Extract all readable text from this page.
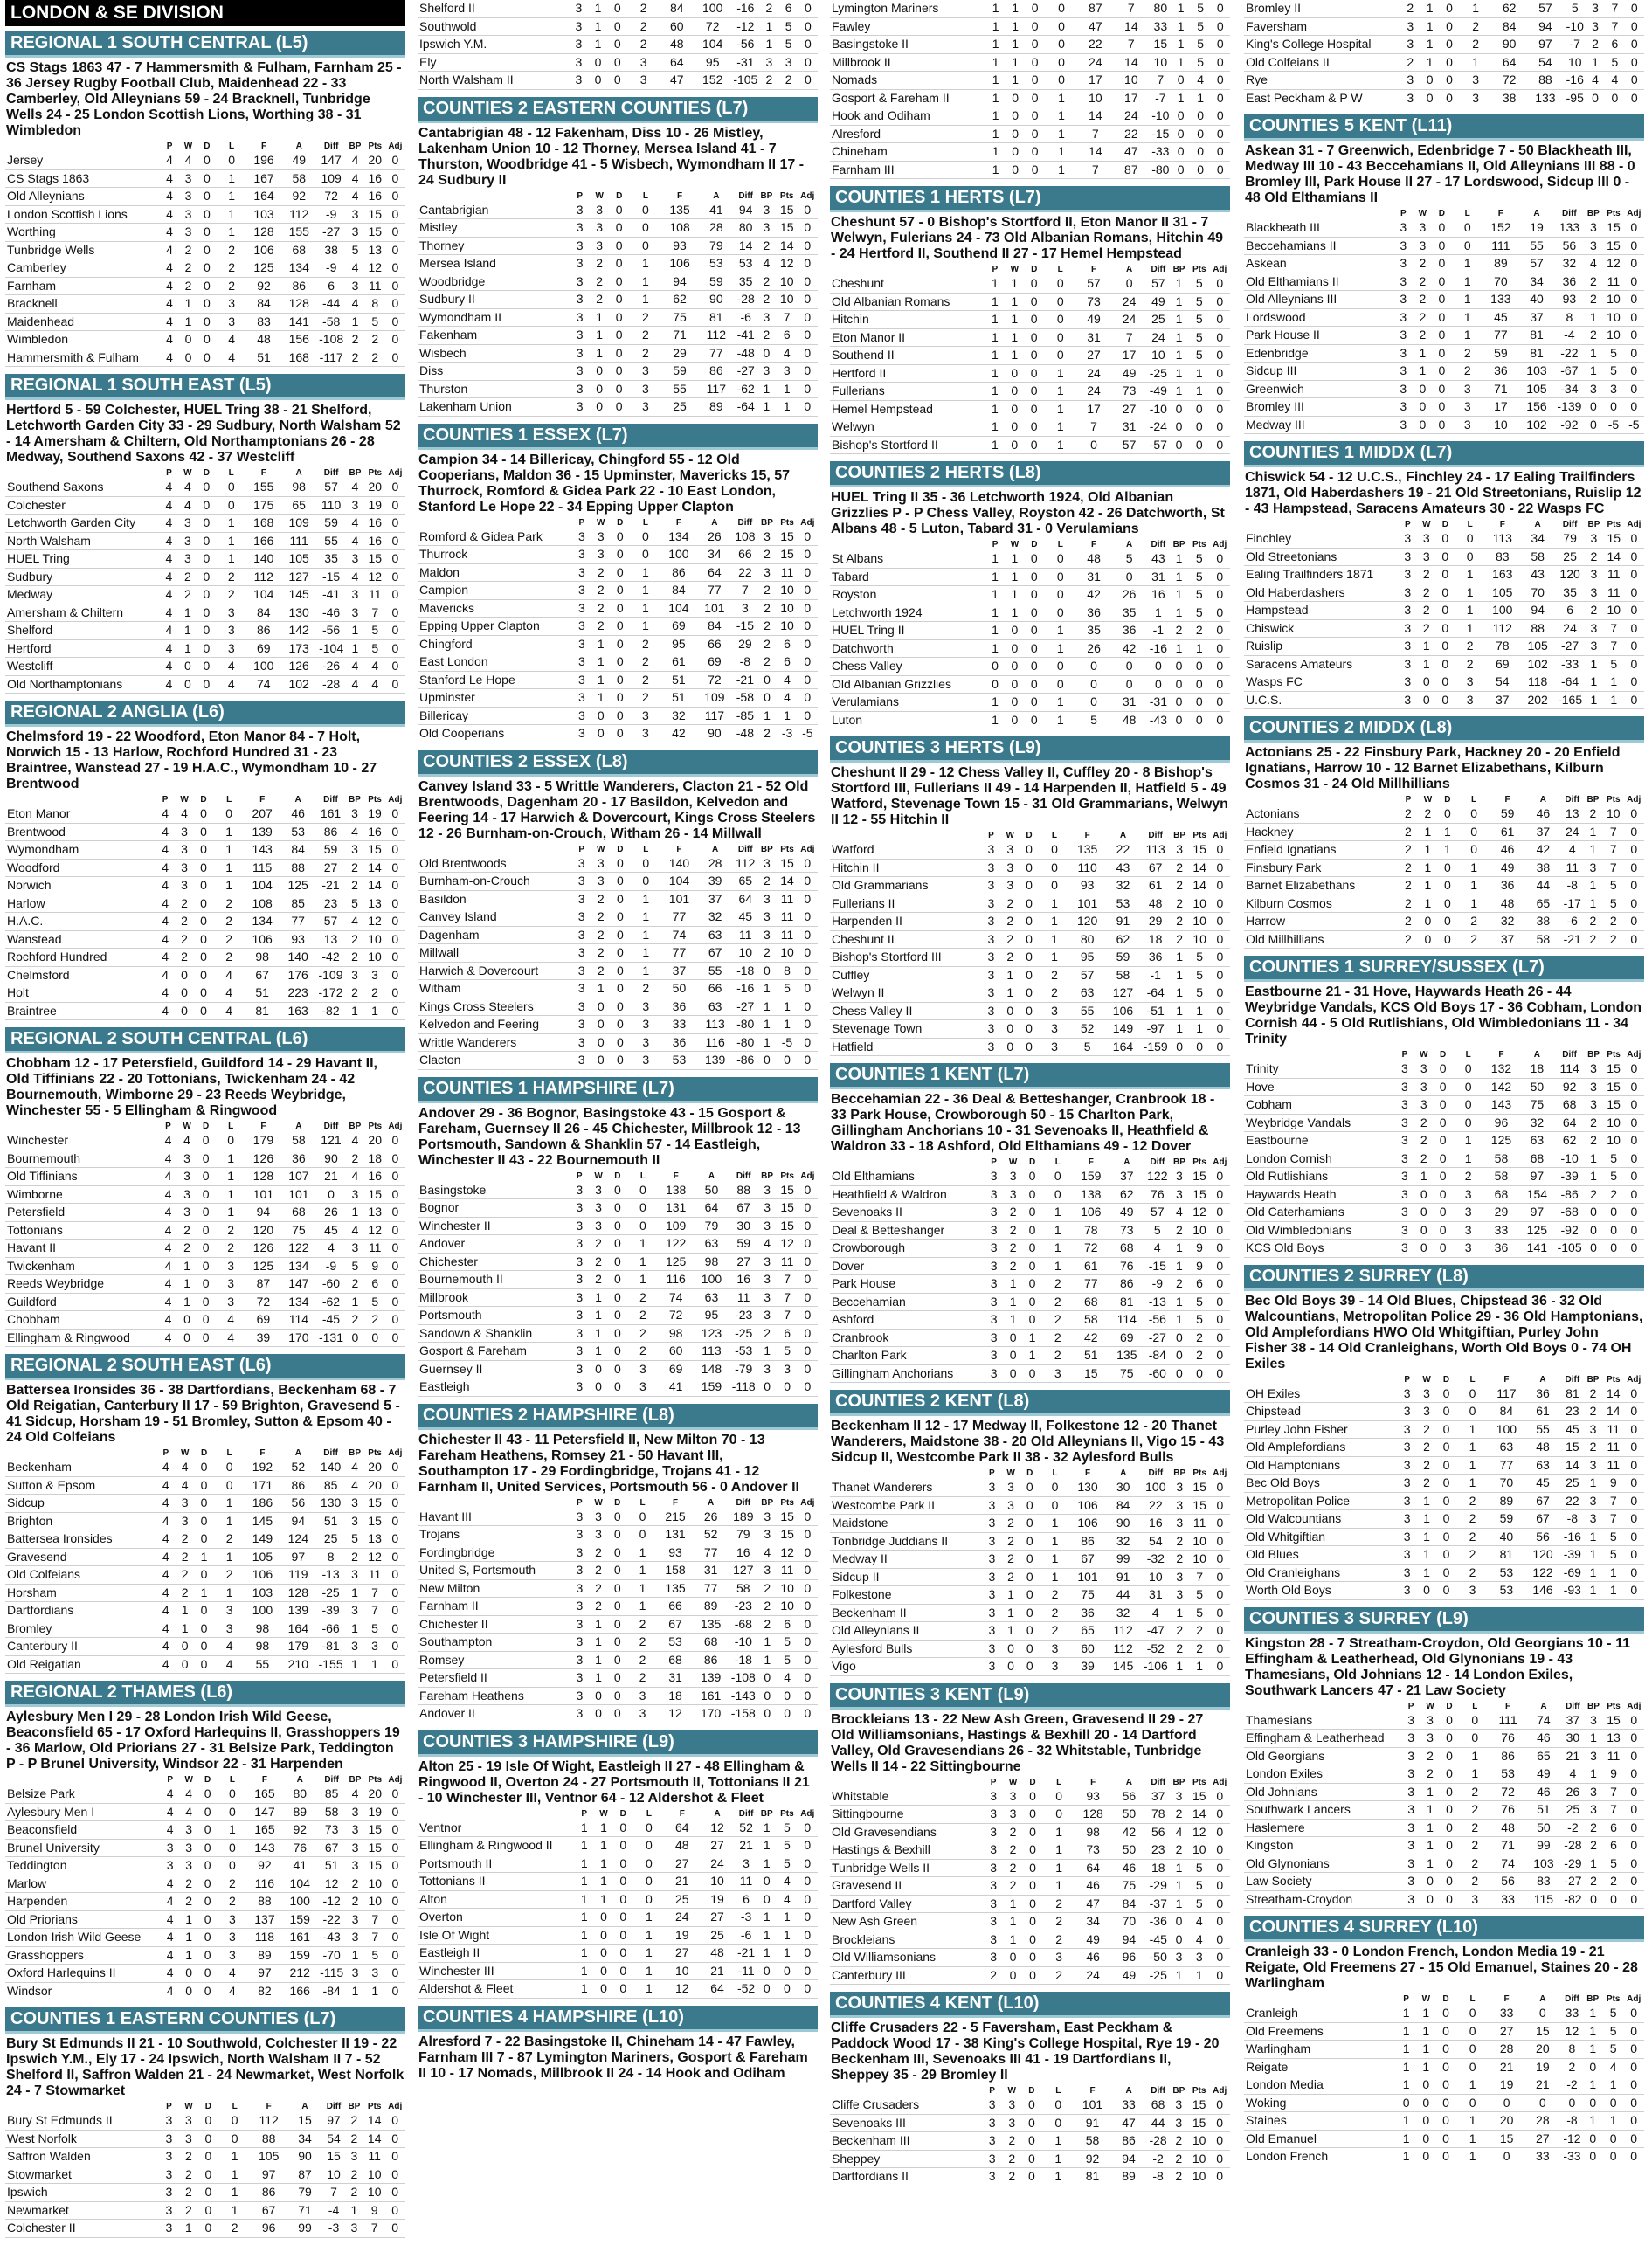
LONDON & SE DIVISION
REGIONAL 1 SOUTH CENTRAL (L5)
CS Stags 1863 47 - 7 Hammersmith & Fulham, Farnham 25 - 36 Jersey Rugby Football Club, Maidenhead 22 - 33 Camberley, Old Alleynians 59 - 24 Bracknell, Tunbridge Wells 24 - 25 London Scottish Lions, Worthing 38 - 31 Wimbledon
	P	W	D	L	F	A	Diff	BP	Pts	Adj
Jersey	4	4	0	0	196	49	147	4	20	0
CS Stags 1863	4	3	0	1	167	58	109	4	16	0
Old Alleynians	4	3	0	1	164	92	72	4	16	0
London Scottish Lions	4	3	0	1	103	112	-9	3	15	0
Worthing	4	3	0	1	128	155	-27	3	15	0
Tunbridge Wells	4	2	0	2	106	68	38	5	13	0
Camberley	4	2	0	2	125	134	-9	4	12	0
Farnham	4	2	0	2	92	86	6	3	11	0
Bracknell	4	1	0	3	84	128	-44	4	8	0
Maidenhead	4	1	0	3	83	141	-58	1	5	0
Wimbledon	4	0	0	4	48	156	-108	2	2	0
Hammersmith & Fulham	4	0	0	4	51	168	-117	2	2	0
REGIONAL 1 SOUTH EAST (L5)
Hertford 5 - 59 Colchester, HUEL Tring 38 - 21 Shelford, Letchworth Garden City 33 - 29 Sudbury, North Walsham 52 - 14 Amersham & Chiltern, Old Northamptonians 26 - 28 Medway, Southend Saxons 42 - 37 Westcliff
	P	W	D	L	F	A	Diff	BP	Pts	Adj
Southend Saxons	4	4	0	0	155	98	57	4	20	0
Colchester	4	4	0	0	175	65	110	3	19	0
Letchworth Garden City	4	3	0	1	168	109	59	4	16	0
North Walsham	4	3	0	1	166	111	55	4	16	0
HUEL Tring	4	3	0	1	140	105	35	3	15	0
Sudbury	4	2	0	2	112	127	-15	4	12	0
Medway	4	2	0	2	104	145	-41	3	11	0
Amersham & Chiltern	4	1	0	3	84	130	-46	3	7	0
Shelford	4	1	0	3	86	142	-56	1	5	0
Hertford	4	1	0	3	69	173	-104	1	5	0
Westcliff	4	0	0	4	100	126	-26	4	4	0
Old Northamptonians	4	0	0	4	74	102	-28	4	4	0
REGIONAL 2 ANGLIA (L6)
Chelmsford 19 - 22 Woodford, Eton Manor 84 - 7 Holt, Norwich 15 - 13 Harlow, Rochford Hundred 31 - 23 Braintree, Wanstead 27 - 19 H.A.C., Wymondham 10 - 27 Brentwood
	P	W	D	L	F	A	Diff	BP	Pts	Adj
Eton Manor	4	4	0	0	207	46	161	3	19	0
Brentwood	4	3	0	1	139	53	86	4	16	0
Wymondham	4	3	0	1	143	84	59	3	15	0
Woodford	4	3	0	1	115	88	27	2	14	0
Norwich	4	3	0	1	104	125	-21	2	14	0
Harlow	4	2	0	2	108	85	23	5	13	0
H.A.C.	4	2	0	2	134	77	57	4	12	0
Wanstead	4	2	0	2	106	93	13	2	10	0
Rochford Hundred	4	2	0	2	98	140	-42	2	10	0
Chelmsford	4	0	0	4	67	176	-109	3	3	0
Holt	4	0	0	4	51	223	-172	2	2	0
Braintree	4	0	0	4	81	163	-82	1	1	0
REGIONAL 2 SOUTH CENTRAL (L6)
Chobham 12 - 17 Petersfield, Guildford 14 - 29 Havant II, Old Tiffinians 22 - 20 Tottonians, Twickenham 24 - 42 Bournemouth, Wimborne 29 - 23 Reeds Weybridge, Winchester 55 - 5 Ellingham & Ringwood
	P	W	D	L	F	A	Diff	BP	Pts	Adj
Winchester	4	4	0	0	179	58	121	4	20	0
Bournemouth	4	3	0	1	126	36	90	2	18	0
Old Tiffinians	4	3	0	1	128	107	21	4	16	0
Wimborne	4	3	0	1	101	101	0	3	15	0
Petersfield	4	3	0	1	94	68	26	1	13	0
Tottonians	4	2	0	2	120	75	45	4	12	0
Havant II	4	2	0	2	126	122	4	3	11	0
Twickenham	4	1	0	3	125	134	-9	5	9	0
Reeds Weybridge	4	1	0	3	87	147	-60	2	6	0
Guildford	4	1	0	3	72	134	-62	1	5	0
Chobham	4	0	0	4	69	114	-45	2	2	0
Ellingham & Ringwood	4	0	0	4	39	170	-131	0	0	0
REGIONAL 2 SOUTH EAST (L6)
Battersea Ironsides 36 - 38 Dartfordians, Beckenham 68 - 7 Old Reigatian, Canterbury II 17 - 59 Brighton, Gravesend 5 - 41 Sidcup, Horsham 19 - 51 Bromley, Sutton & Epsom 40 - 24 Old Colfeians
	P	W	D	L	F	A	Diff	BP	Pts	Adj
Beckenham	4	4	0	0	192	52	140	4	20	0
Sutton & Epsom	4	4	0	0	171	86	85	4	20	0
Sidcup	4	3	0	1	186	56	130	3	15	0
Brighton	4	3	0	1	145	94	51	3	15	0
Battersea Ironsides	4	2	0	2	149	124	25	5	13	0
Gravesend	4	2	1	1	105	97	8	2	12	0
Old Colfeians	4	2	0	2	106	119	-13	3	11	0
Horsham	4	2	1	1	103	128	-25	1	7	0
Dartfordians	4	1	0	3	100	139	-39	3	7	0
Bromley	4	1	0	3	98	164	-66	1	5	0
Canterbury II	4	0	0	4	98	179	-81	3	3	0
Old Reigatian	4	0	0	4	55	210	-155	1	1	0
REGIONAL 2 THAMES (L6)
Aylesbury Men I 29 - 28 London Irish Wild Geese, Beaconsfield 65 - 17 Oxford Harlequins II, Grasshoppers 19 - 36 Marlow, Old Priorians 27 - 31 Belsize Park, Teddington P - P Brunel University, Windsor 22 - 31 Harpenden
	P	W	D	L	F	A	Diff	BP	Pts	Adj
Belsize Park	4	4	0	0	165	80	85	4	20	0
Aylesbury Men I	4	4	0	0	147	89	58	3	19	0
Beaconsfield	4	3	0	1	165	92	73	3	15	0
Brunel University	3	3	0	0	143	76	67	3	15	0
Teddington	3	3	0	0	92	41	51	3	15	0
Marlow	4	2	0	2	116	104	12	2	10	0
Harpenden	4	2	0	2	88	100	-12	2	10	0
Old Priorians	4	1	0	3	137	159	-22	3	7	0
London Irish Wild Geese	4	1	0	3	118	161	-43	3	7	0
Grasshoppers	4	1	0	3	89	159	-70	1	5	0
Oxford Harlequins II	4	0	0	4	97	212	-115	3	3	0
Windsor	4	0	0	4	82	166	-84	1	1	0
COUNTIES 1 EASTERN COUNTIES (L7)
Bury St Edmunds II 21 - 10 Southwold, Colchester II 19 - 22 Ipswich Y.M., Ely 17 - 24 Ipswich, North Walsham II 7 - 52 Shelford II, Saffron Walden 21 - 24 Newmarket, West Norfolk 24 - 7 Stowmarket
	P	W	D	L	F	A	Diff	BP	Pts	Adj
Bury St Edmunds II	3	3	0	0	112	15	97	2	14	0
West Norfolk	3	3	0	0	88	34	54	2	14	0
Saffron Walden	3	2	0	1	105	90	15	3	11	0
Stowmarket	3	2	0	1	97	87	10	2	10	0
Ipswich	3	2	0	1	86	79	7	2	10	0
Newmarket	3	2	0	1	67	71	-4	1	9	0
Colchester II	3	1	0	2	96	99	-3	3	7	0
Shelford II	3	1	0	2	84	100	-16	2	6	0
Southwold	3	1	0	2	60	72	-12	1	5	0
Ipswich Y.M.	3	1	0	2	48	104	-56	1	5	0
Ely	3	0	0	3	64	95	-31	3	3	0
North Walsham II	3	0	0	3	47	152	-105	2	2	0
COUNTIES 2 EASTERN COUNTIES (L7)
Cantabrigian 48 - 12 Fakenham, Diss 10 - 26 Mistley, Lakenham Union 10 - 12 Thorney, Mersea Island 41 - 7 Thurston, Woodbridge 41 - 5 Wisbech, Wymondham II 17 - 24 Sudbury II
	P	W	D	L	F	A	Diff	BP	Pts	Adj
Cantabrigian	3	3	0	0	135	41	94	3	15	0
Mistley	3	3	0	0	108	28	80	3	15	0
Thorney	3	3	0	0	93	79	14	2	14	0
Mersea Island	3	2	0	1	106	53	53	4	12	0
Woodbridge	3	2	0	1	94	59	35	2	10	0
Sudbury II	3	2	0	1	62	90	-28	2	10	0
Wymondham II	3	1	0	2	75	81	-6	3	7	0
Fakenham	3	1	0	2	71	112	-41	2	6	0
Wisbech	3	1	0	2	29	77	-48	0	4	0
Diss	3	0	0	3	59	86	-27	3	3	0
Thurston	3	0	0	3	55	117	-62	1	1	0
Lakenham Union	3	0	0	3	25	89	-64	1	1	0
COUNTIES 1 ESSEX (L7)
Campion 34 - 14 Billericay, Chingford 55 - 12 Old Cooperians, Maldon 36 - 15 Upminster, Mavericks 15, 57 Thurrock, Romford & Gidea Park 22 - 10 East London, Stanford Le Hope 22 - 34 Epping Upper Clapton
	P	W	D	L	F	A	Diff	BP	Pts	Adj
Romford & Gidea Park	3	3	0	0	134	26	108	3	15	0
Thurrock	3	3	0	0	100	34	66	2	15	0
Maldon	3	2	0	1	86	64	22	3	11	0
Campion	3	2	0	1	84	77	7	2	10	0
Mavericks	3	2	0	1	104	101	3	2	10	0
Epping Upper Clapton	3	2	0	1	69	84	-15	2	10	0
Chingford	3	1	0	2	95	66	29	2	6	0
East London	3	1	0	2	61	69	-8	2	6	0
Stanford Le Hope	3	1	0	2	51	72	-21	0	4	0
Upminster	3	1	0	2	51	109	-58	0	4	0
Billericay	3	0	0	3	32	117	-85	1	1	0
Old Cooperians	3	0	0	3	42	90	-48	2	-3	-5
COUNTIES 2 ESSEX (L8)
Canvey Island 33 - 5 Writtle Wanderers, Clacton 21 - 52 Old Brentwoods, Dagenham 20 - 17 Basildon, Kelvedon and Feering 14 - 17 Harwich & Dovercourt, Kings Cross Steelers 12 - 26 Burnham-on-Crouch, Witham 26 - 14 Millwall
	P	W	D	L	F	A	Diff	BP	Pts	Adj
Old Brentwoods	3	3	0	0	140	28	112	3	15	0
Burnham-on-Crouch	3	3	0	0	104	39	65	2	14	0
Basildon	3	2	0	1	101	37	64	3	11	0
Canvey Island	3	2	0	1	77	32	45	3	11	0
Dagenham	3	2	0	1	74	63	11	3	11	0
Millwall	3	2	0	1	77	67	10	2	10	0
Harwich & Dovercourt	3	2	0	1	37	55	-18	0	8	0
Witham	3	1	0	2	50	66	-16	1	5	0
Kings Cross Steelers	3	0	0	3	36	63	-27	1	1	0
Kelvedon and Feering	3	0	0	3	33	113	-80	1	1	0
Writtle Wanderers	3	0	0	3	36	116	-80	1	-5	0
Clacton	3	0	0	3	53	139	-86	0	0	0
COUNTIES 1 HAMPSHIRE (L7)
Andover 29 - 36 Bognor, Basingstoke 43 - 15 Gosport & Fareham, Guernsey II 26 - 45 Chichester, Millbrook 12 - 13 Portsmouth, Sandown & Shanklin 57 - 14 Eastleigh, Winchester II 43 - 22 Bournemouth II
	P	W	D	L	F	A	Diff	BP	Pts	Adj
Basingstoke	3	3	0	0	138	50	88	3	15	0
Bognor	3	3	0	0	131	64	67	3	15	0
Winchester II	3	3	0	0	109	79	30	3	15	0
Andover	3	2	0	1	122	63	59	4	12	0
Chichester	3	2	0	1	125	98	27	3	11	0
Bournemouth II	3	2	0	1	116	100	16	3	7	0
Millbrook	3	1	0	2	74	63	11	3	7	0
Portsmouth	3	1	0	2	72	95	-23	3	7	0
Sandown & Shanklin	3	1	0	2	98	123	-25	2	6	0
Gosport & Fareham	3	1	0	2	60	113	-53	1	5	0
Guernsey II	3	0	0	3	69	148	-79	3	3	0
Eastleigh	3	0	0	3	41	159	-118	0	0	0
COUNTIES 2 HAMPSHIRE (L8)
Chichester II 43 - 11 Petersfield II, New Milton 70 - 13 Fareham Heathens, Romsey 21 - 50 Havant III, Southampton 17 - 29 Fordingbridge, Trojans 41 - 12 Farnham II, United Services, Portsmouth 56 - 0 Andover II
	P	W	D	L	F	A	Diff	BP	Pts	Adj
Havant III	3	3	0	0	215	26	189	3	15	0
Trojans	3	3	0	0	131	52	79	3	15	0
Fordingbridge	3	2	0	1	93	77	16	4	12	0
United S, Portsmouth	3	2	0	1	158	31	127	3	11	0
New Milton	3	2	0	1	135	77	58	2	10	0
Farnham II	3	2	0	1	66	89	-23	2	10	0
Chichester II	3	1	0	2	67	135	-68	2	6	0
Southampton	3	1	0	2	53	68	-10	1	5	0
Romsey	3	1	0	2	68	86	-18	1	5	0
Petersfield II	3	1	0	2	31	139	-108	0	4	0
Fareham Heathens	3	0	0	3	18	161	-143	0	0	0
Andover II	3	0	0	3	12	170	-158	0	0	0
COUNTIES 3 HAMPSHIRE (L9)
Alton 25 - 19 Isle Of Wight, Eastleigh II 27 - 48 Ellingham & Ringwood II, Overton 24 - 27 Portsmouth II, Tottonians II 21 - 10 Winchester III, Ventnor 64 - 12 Aldershot & Fleet
	P	W	D	L	F	A	Diff	BP	Pts	Adj
Ventnor	1	1	0	0	64	12	52	1	5	0
Ellingham & Ringwood II	1	1	0	0	48	27	21	1	5	0
Portsmouth II	1	1	0	0	27	24	3	1	5	0
Tottonians II	1	1	0	0	21	10	11	0	4	0
Alton	1	1	0	0	25	19	6	0	4	0
Overton	1	0	0	1	24	27	-3	1	1	0
Isle Of Wight	1	0	0	1	19	25	-6	1	1	0
Eastleigh II	1	0	0	1	27	48	-21	1	1	0
Winchester III	1	0	0	1	10	21	-11	0	0	0
Aldershot & Fleet	1	0	0	1	12	64	-52	0	0	0
COUNTIES 4 HAMPSHIRE (L10)
Alresford 7 - 22 Basingstoke II, Chineham 14 - 47 Fawley, Farnham III 7 - 87 Lymington Mariners, Gosport & Fareham II 10 - 17 Nomads, Millbrook II 24 - 14 Hook and Odiham
Lymington Mariners	1	1	0	0	87	7	80	1	5	0
Fawley	1	1	0	0	47	14	33	1	5	0
Basingstoke II	1	1	0	0	22	7	15	1	5	0
Millbrook II	1	1	0	0	24	14	10	1	5	0
Nomads	1	1	0	0	17	10	7	0	4	0
Gosport & Fareham II	1	0	0	1	10	17	-7	1	1	0
Hook and Odiham	1	0	0	1	14	24	-10	0	0	0
Alresford	1	0	0	1	7	22	-15	0	0	0
Chineham	1	0	0	1	14	47	-33	0	0	0
Farnham III	1	0	0	1	7	87	-80	0	0	0
COUNTIES 1 HERTS (L7)
Cheshunt 57 - 0 Bishop's Stortford II, Eton Manor II 31 - 7 Welwyn, Fulerians 24 - 73 Old Albanian Romans, Hitchin 49 - 24 Hertford II, Southend II 27 - 17 Hemel Hempstead
	P	W	D	L	F	A	Diff	BP	Pts	Adj
Cheshunt	1	1	0	0	57	0	57	1	5	0
Old Albanian Romans	1	1	0	0	73	24	49	1	5	0
Hitchin	1	1	0	0	49	24	25	1	5	0
Eton Manor II	1	1	0	0	31	7	24	1	5	0
Southend II	1	1	0	0	27	17	10	1	5	0
Hertford II	1	0	0	1	24	49	-25	1	1	0
Fullerians	1	0	0	1	24	73	-49	1	1	0
Hemel Hempstead	1	0	0	1	17	27	-10	0	0	0
Welwyn	1	0	0	1	7	31	-24	0	0	0
Bishop's Stortford II	1	0	0	1	0	57	-57	0	0	0
COUNTIES 2 HERTS (L8)
HUEL Tring II 35 - 36 Letchworth 1924, Old Albanian Grizzlies P - P Chess Valley, Royston 42 - 26 Datchworth, St Albans 48 - 5 Luton, Tabard 31 - 0 Verulamians
	P	W	D	L	F	A	Diff	BP	Pts	Adj
St Albans	1	1	0	0	48	5	43	1	5	0
Tabard	1	1	0	0	31	0	31	1	5	0
Royston	1	1	0	0	42	26	16	1	5	0
Letchworth 1924	1	1	0	0	36	35	1	1	5	0
HUEL Tring II	1	0	0	1	35	36	-1	2	2	0
Datchworth	1	0	0	1	26	42	-16	1	1	0
Chess Valley	0	0	0	0	0	0	0	0	0	0
Old Albanian Grizzlies	0	0	0	0	0	0	0	0	0	0
Verulamians	1	0	0	1	0	31	-31	0	0	0
Luton	1	0	0	1	5	48	-43	0	0	0
COUNTIES 3 HERTS (L9)
Cheshunt II 29 - 12 Chess Valley II, Cuffley 20 - 8 Bishop's Stortford III, Fullerians II 49 - 14 Harpenden II, Hatfield 5 - 49 Watford, Stevenage Town 15 - 31 Old Grammarians, Welwyn II 12 - 55 Hitchin II
	P	W	D	L	F	A	Diff	BP	Pts	Adj
Watford	3	3	0	0	135	22	113	3	15	0
Hitchin II	3	3	0	0	110	43	67	2	14	0
Old Grammarians	3	3	0	0	93	32	61	2	14	0
Fullerians II	3	2	0	1	101	53	48	2	10	0
Harpenden II	3	2	0	1	120	91	29	2	10	0
Cheshunt II	3	2	0	1	80	62	18	2	10	0
Bishop's Stortford III	3	2	0	1	95	59	36	1	5	0
Cuffley	3	1	0	2	57	58	-1	1	5	0
Welwyn II	3	1	0	2	63	127	-64	1	5	0
Chess Valley II	3	0	0	3	55	106	-51	1	1	0
Stevenage Town	3	0	0	3	52	149	-97	1	1	0
Hatfield	3	0	0	3	5	164	-159	0	0	0
COUNTIES 1 KENT (L7)
Beccehamian 22 - 36 Deal & Betteshanger, Cranbrook 18 - 33 Park House, Crowborough 50 - 15 Charlton Park, Gillingham Anchorians 10 - 31 Sevenoaks II, Heathfield & Waldron 33 - 18 Ashford, Old Elthamians 49 - 12 Dover
	P	W	D	L	F	A	Diff	BP	Pts	Adj
Old Elthamians	3	3	0	0	159	37	122	3	15	0
Heathfield & Waldron	3	3	0	0	138	62	76	3	15	0
Sevenoaks II	3	2	0	1	106	49	57	4	12	0
Deal & Betteshanger	3	2	0	1	78	73	5	2	10	0
Crowborough	3	2	0	1	72	68	4	1	9	0
Dover	3	2	0	1	61	76	-15	1	9	0
Park House	3	1	0	2	77	86	-9	2	6	0
Beccehamian	3	1	0	2	68	81	-13	1	5	0
Ashford	3	1	0	2	58	114	-56	1	5	0
Cranbrook	3	0	1	2	42	69	-27	0	2	0
Charlton Park	3	0	1	2	51	135	-84	0	2	0
Gillingham Anchorians	3	0	0	3	15	75	-60	0	0	0
COUNTIES 2 KENT (L8)
Beckenham II 12 - 17 Medway II, Folkestone 12 - 20 Thanet Wanderers, Maidstone 38 - 20 Old Alleynians II, Vigo 15 - 43 Sidcup II, Westcombe Park II 38 - 32 Aylesford Bulls
	P	W	D	L	F	A	Diff	BP	Pts	Adj
Thanet Wanderers	3	3	0	0	130	30	100	3	15	0
Westcombe Park II	3	3	0	0	106	84	22	3	15	0
Maidstone	3	2	0	1	106	90	16	3	11	0
Tonbridge Juddians II	3	2	0	1	86	32	54	2	10	0
Medway II	3	2	0	1	67	99	-32	2	10	0
Sidcup II	3	2	0	1	101	91	10	3	7	0
Folkestone	3	1	0	2	75	44	31	3	5	0
Beckenham II	3	1	0	2	36	32	4	1	5	0
Old Alleynians II	3	1	0	2	65	112	-47	2	2	0
Aylesford Bulls	3	0	0	3	60	112	-52	2	2	0
Vigo	3	0	0	3	39	145	-106	1	1	0
COUNTIES 3 KENT (L9)
Brockleians 13 - 22 New Ash Green, Gravesend II 29 - 27 Old Williamsonians, Hastings & Bexhill 20 - 14 Dartford Valley, Old Gravesendians 26 - 32 Whitstable, Tunbridge Wells II 14 - 22 Sittingbourne
	P	W	D	L	F	A	Diff	BP	Pts	Adj
Whitstable	3	3	0	0	93	56	37	3	15	0
Sittingbourne	3	3	0	0	128	50	78	2	14	0
Old Gravesendians	3	2	0	1	98	42	56	4	12	0
Hastings & Bexhill	3	2	0	1	73	50	23	2	10	0
Tunbridge Wells II	3	2	0	1	64	46	18	1	5	0
Gravesend II	3	2	0	1	46	75	-29	1	5	0
Dartford Valley	3	1	0	2	47	84	-37	1	5	0
New Ash Green	3	1	0	2	34	70	-36	0	4	0
Brockleians	3	1	0	2	49	94	-45	0	4	0
Old Williamsonians	3	0	0	3	46	96	-50	3	3	0
Canterbury III	2	0	0	2	24	49	-25	1	1	0
COUNTIES 4 KENT (L10)
Cliffe Crusaders 22 - 5 Faversham, East Peckham & Paddock Wood 17 - 38 King's College Hospital, Rye 19 - 20 Beckenham III, Sevenoaks III 41 - 19 Dartfordians II, Sheppey 35 - 29 Bromley II
	P	W	D	L	F	A	Diff	BP	Pts	Adj
Cliffe Crusaders	3	3	0	0	101	33	68	3	15	0
Sevenoaks III	3	3	0	0	91	47	44	3	15	0
Beckenham III	3	2	0	1	58	86	-28	2	10	0
Sheppey	3	2	0	1	92	94	-2	2	10	0
Dartfordians II	3	2	0	1	81	89	-8	2	10	0
Bromley II	2	1	0	1	62	57	5	3	7	0
Faversham	3	1	0	2	84	94	-10	3	7	0
King's College Hospital	3	1	0	2	90	97	-7	2	6	0
Old Colfeians II	2	1	0	1	64	54	10	1	5	0
Rye	3	0	0	3	72	88	-16	4	4	0
East Peckham & P W	3	0	0	3	38	133	-95	0	0	0
COUNTIES 5 KENT (L11)
Askean 31 - 7 Greenwich, Edenbridge 7 - 50 Blackheath III, Medway III 10 - 43 Beccehamians II, Old Alleynians III 88 - 0 Bromley III, Park House II 27 - 17 Lordswood, Sidcup III 0 - 48 Old Elthamians II
	P	W	D	L	F	A	Diff	BP	Pts	Adj
Blackheath III	3	3	0	0	152	19	133	3	15	0
Beccehamians II	3	3	0	0	111	55	56	3	15	0
Askean	3	2	0	1	89	57	32	4	12	0
Old Elthamians II	3	2	0	1	70	34	36	2	11	0
Old Alleynians III	3	2	0	1	133	40	93	2	10	0
Lordswood	3	2	0	1	45	37	8	1	10	0
Park House II	3	2	0	1	77	81	-4	2	10	0
Edenbridge	3	1	0	2	59	81	-22	1	5	0
Sidcup III	3	1	0	2	36	103	-67	1	5	0
Greenwich	3	0	0	3	71	105	-34	3	3	0
Bromley III	3	0	0	3	17	156	-139	0	0	0
Medway III	3	0	0	3	10	102	-92	0	-5	-5
COUNTIES 1 MIDDX (L7)
Chiswick 54 - 12 U.C.S., Finchley 24 - 17 Ealing Trailfinders 1871, Old Haberdashers 19 - 21 Old Streetonians, Ruislip 12 - 43 Hampstead, Saracens Amateurs 30 - 22 Wasps FC
	P	W	D	L	F	A	Diff	BP	Pts	Adj
Finchley	3	3	0	0	113	34	79	3	15	0
Old Streetonians	3	3	0	0	83	58	25	2	14	0
Ealing Trailfinders 1871	3	2	0	1	163	43	120	3	11	0
Old Haberdashers	3	2	0	1	105	70	35	3	11	0
Hampstead	3	2	0	1	100	94	6	2	10	0
Chiswick	3	2	0	1	112	88	24	3	7	0
Ruislip	3	1	0	2	78	105	-27	3	7	0
Saracens Amateurs	3	1	0	2	69	102	-33	1	5	0
Wasps FC	3	0	0	3	54	118	-64	1	1	0
U.C.S.	3	0	0	3	37	202	-165	1	1	0
COUNTIES 2 MIDDX (L8)
Actonians 25 - 22 Finsbury Park, Hackney 20 - 20 Enfield Ignatians, Harrow 10 - 12 Barnet Elizabethans, Kilburn Cosmos 31 - 24 Old Millhillians
	P	W	D	L	F	A	Diff	BP	Pts	Adj
Actonians	2	2	0	0	59	46	13	2	10	0
Hackney	2	1	1	0	61	37	24	1	7	0
Enfield Ignatians	2	1	1	0	46	42	4	1	7	0
Finsbury Park	2	1	0	1	49	38	11	3	7	0
Barnet Elizabethans	2	1	0	1	36	44	-8	1	5	0
Kilburn Cosmos	2	1	0	1	48	65	-17	1	5	0
Harrow	2	0	0	2	32	38	-6	2	2	0
Old Millhillians	2	0	0	2	37	58	-21	2	2	0
COUNTIES 1 SURREY/SUSSEX (L7)
Eastbourne 21 - 31 Hove, Haywards Heath 26 - 44 Weybridge Vandals, KCS Old Boys 17 - 36 Cobham, London Cornish 44 - 5 Old Rutlishians, Old Wimbledonians 11 - 34 Trinity
	P	W	D	L	F	A	Diff	BP	Pts	Adj
Trinity	3	3	0	0	132	18	114	3	15	0
Hove	3	3	0	0	142	50	92	3	15	0
Cobham	3	3	0	0	143	75	68	3	15	0
Weybridge Vandals	3	2	0	0	96	32	64	2	10	0
Eastbourne	3	2	0	1	125	63	62	2	10	0
London Cornish	3	2	0	1	58	68	-10	1	5	0
Old Rutlishians	3	1	0	2	58	97	-39	1	5	0
Haywards Heath	3	0	0	3	68	154	-86	2	2	0
Old Caterhamians	3	0	0	3	29	97	-68	0	0	0
Old Wimbledonians	3	0	0	3	33	125	-92	0	0	0
KCS Old Boys	3	0	0	3	36	141	-105	0	0	0
COUNTIES 2 SURREY (L8)
Bec Old Boys 39 - 14 Old Blues, Chipstead 36 - 32 Old Walcountians, Metropolitan Police 29 - 36 Old Hamptonians, Old Amplefordians HWO Old Whitgiftian, Purley John Fisher 38 - 14 Old Cranleighans, Worth Old Boys 0 - 74 OH Exiles
	P	W	D	L	F	A	Diff	BP	Pts	Adj
OH Exiles	3	3	0	0	117	36	81	2	14	0
Chipstead	3	3	0	0	84	61	23	2	14	0
Purley John Fisher	3	2	0	1	100	55	45	3	11	0
Old Amplefordians	3	2	0	1	63	48	15	2	11	0
Old Hamptonians	3	2	0	1	77	63	14	3	11	0
Bec Old Boys	3	2	0	1	70	45	25	1	9	0
Metropolitan Police	3	1	0	2	89	67	22	3	7	0
Old Walcountians	3	1	0	2	59	67	-8	3	7	0
Old Whitgiftian	3	1	0	2	40	56	-16	1	5	0
Old Blues	3	1	0	2	81	120	-39	1	5	0
Old Cranleighans	3	1	0	2	53	122	-69	1	1	0
Worth Old Boys	3	0	0	3	53	146	-93	1	1	0
COUNTIES 3 SURREY (L9)
Kingston 28 - 7 Streatham-Croydon, Old Georgians 10 - 11 Effingham & Leatherhead, Old Glynonians 19 - 43 Thamesians, Old Johnians 12 - 14 London Exiles, Southwark Lancers 47 - 21 Law Society
	P	W	D	L	F	A	Diff	BP	Pts	Adj
Thamesians	3	3	0	0	111	74	37	3	15	0
Effingham & Leatherhead	3	3	0	0	76	46	30	1	13	0
Old Georgians	3	2	0	1	86	65	21	3	11	0
London Exiles	3	2	0	1	53	49	4	1	9	0
Old Johnians	3	1	0	2	72	46	26	3	7	0
Southwark Lancers	3	1	0	2	76	51	25	3	7	0
Haslemere	3	1	0	2	48	50	-2	2	6	0
Kingston	3	1	0	2	71	99	-28	2	6	0
Old Glynonians	3	1	0	2	74	103	-29	1	5	0
Law Society	3	0	0	2	56	83	-27	2	2	0
Streatham-Croydon	3	0	0	3	33	115	-82	0	0	0
COUNTIES 4 SURREY (L10)
Cranleigh 33 - 0 London French, London Media 19 - 21 Reigate, Old Freemens 27 - 15 Old Emanuel, Staines 20 - 28 Warlingham
	P	W	D	L	F	A	Diff	BP	Pts	Adj
Cranleigh	1	1	0	0	33	0	33	1	5	0
Old Freemens	1	1	0	0	27	15	12	1	5	0
Warlingham	1	1	0	0	28	20	8	1	5	0
Reigate	1	1	0	0	21	19	2	0	4	0
London Media	1	0	0	1	19	21	-2	1	1	0
Woking	0	0	0	0	0	0	0	0	0	0
Staines	1	0	0	1	20	28	-8	1	1	0
Old Emanuel	1	0	0	1	15	27	-12	0	0	0
London French	1	0	0	1	0	33	-33	0	0	0
